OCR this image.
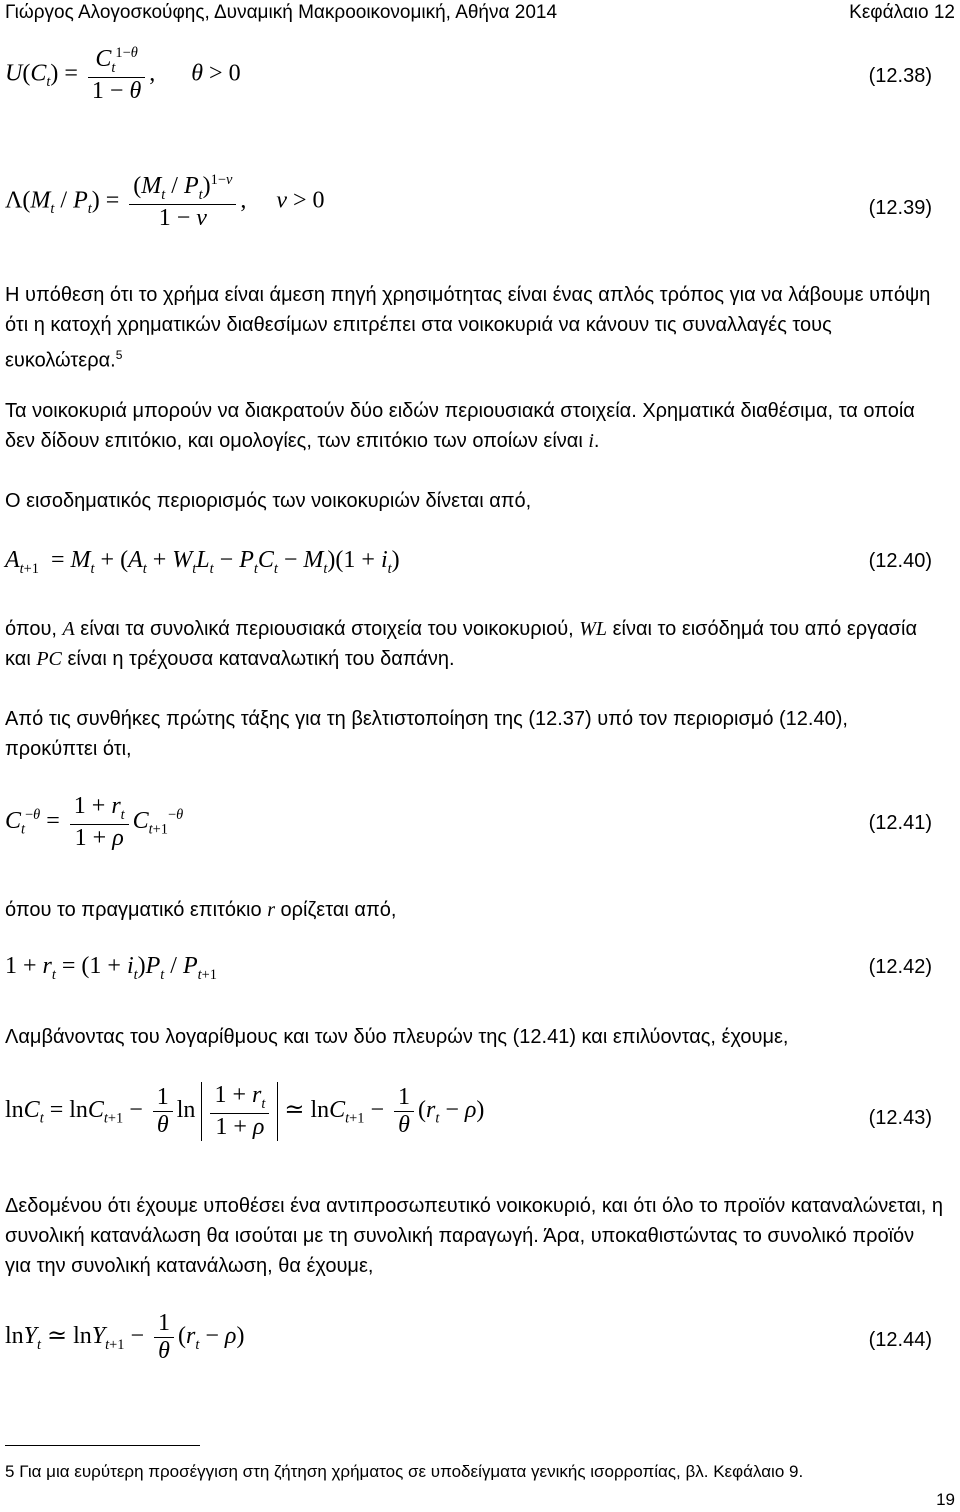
Γιώργος Αλογοσκούφης, Δυναμική Μακροοικονομική, Αθήνα 2014	Κεφάλαιο 12
$U(C_t) = \frac{C_t^{1-\theta}}{1 - \theta}$ ,      θ > 0	(12.38)
$\Lambda(M_t / P_t) = \frac{(M_t / P_t)^{1-\nu}}{1 - \nu}$ ,     ν > 0	(12.39)
Η υπόθεση ότι το χρήμα είναι άμεση πηγή χρησιμότητας είναι ένας απλός τρόπος για να λάβουμε υπόψη ότι η κατοχή χρηματικών διαθεσίμων επιτρέπει στα νοικοκυριά να κάνουν τις συναλλαγές τους ευκολώτερα.$^5$
Τα νοικοκυριά μπορούν να διακρατούν δύο ειδών περιουσιακά στοιχεία. Χρηματικά διαθέσιμα, τα οποία δεν δίδουν επιτόκιο, και ομολογίες, των επιτόκιο των οποίων είναι i.
Ο εισοδηματικός περιορισμός των νοικοκυριών δίνεται από,
$A_{t+1} = M_t + (A_t + W_tL_t - P_tC_t - M_t)(1 + i_t)$	(12.40)
όπου, A είναι τα συνολικά περιουσιακά στοιχεία του νοικοκυριού, WL είναι το εισόδημά του από εργασία και PC είναι η τρέχουσα καταναλωτική του δαπάνη.
Από τις συνθήκες πρώτης τάξης για τη βελτιστοποίηση της (12.37) υπό τον περιορισμό (12.40), προκύπτει ότι,
$C_t^{-\theta} = \frac{1 + r_t}{1 + \rho} C_{t+1}^{-\theta}$	(12.41)
όπου το πραγματικό επιτόκιο r ορίζεται από,
$1 + r_t = (1 + i_t)P_t / P_{t+1}$	(12.42)
Λαμβάνοντας του λογαρίθμους και των δύο πλευρών της (12.41) και επιλύοντας, έχουμε,
$\ln C_t = \ln C_{t+1} - \frac{1}{\theta}$ $\ln \frac{1 + r_t}{1 + \rho}$ ≃ $\ln C_{t+1} - \frac{1}{\theta} (r_t - \rho)$	(12.43)
Δεδομένου ότι έχουμε υποθέσει ένα αντιπροσωπευτικό νοικοκυριό, και ότι όλο το προϊόν καταναλώνεται, η συνολική κατανάλωση θα ισούται με τη συνολική παραγωγή. Άρα, υποκαθιστώντας το συνολικό προϊόν για την συνολική κατανάλωση, θα έχουμε,
lnY$_t$ ≃ $\ln Y_{t+1} - \frac{1}{\theta} (r_t - \rho)$	(12.44)
5 Για μια ευρύτερη προσέγγιση στη ζήτηση χρήματος σε υποδείγματα γενικής ισορροπίας, βλ. Κεφάλαιο 9.
19
